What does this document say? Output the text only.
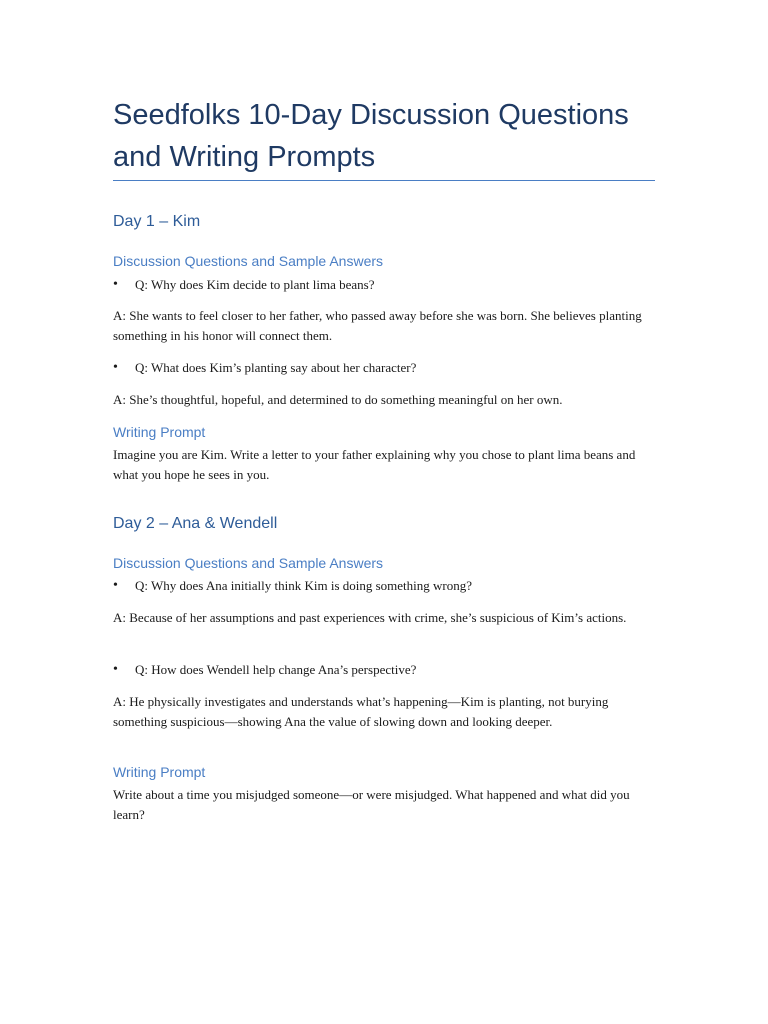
Seedfolks 10-Day Discussion Questions and Writing Prompts
Day 1 – Kim
Discussion Questions and Sample Answers
• Q: Why does Kim decide to plant lima beans?

A: She wants to feel closer to her father, who passed away before she was born. She believes planting something in his honor will connect them.

• Q: What does Kim’s planting say about her character?

A: She’s thoughtful, hopeful, and determined to do something meaningful on her own.

Writing Prompt

Imagine you are Kim. Write a letter to your father explaining why you chose to plant lima beans and what you hope he sees in you.

Day 2 – Ana & Wendell
Discussion Questions and Sample Answers
• Q: Why does Ana initially think Kim is doing something wrong?

A: Because of her assumptions and past experiences with crime, she’s suspicious of Kim’s actions.

• Q: How does Wendell help change Ana’s perspective?

A: He physically investigates and understands what’s happening—Kim is planting, not burying something suspicious—showing Ana the value of slowing down and looking deeper.

Writing Prompt

Write about a time you misjudged someone—or were misjudged. What happened and what did you learn?
